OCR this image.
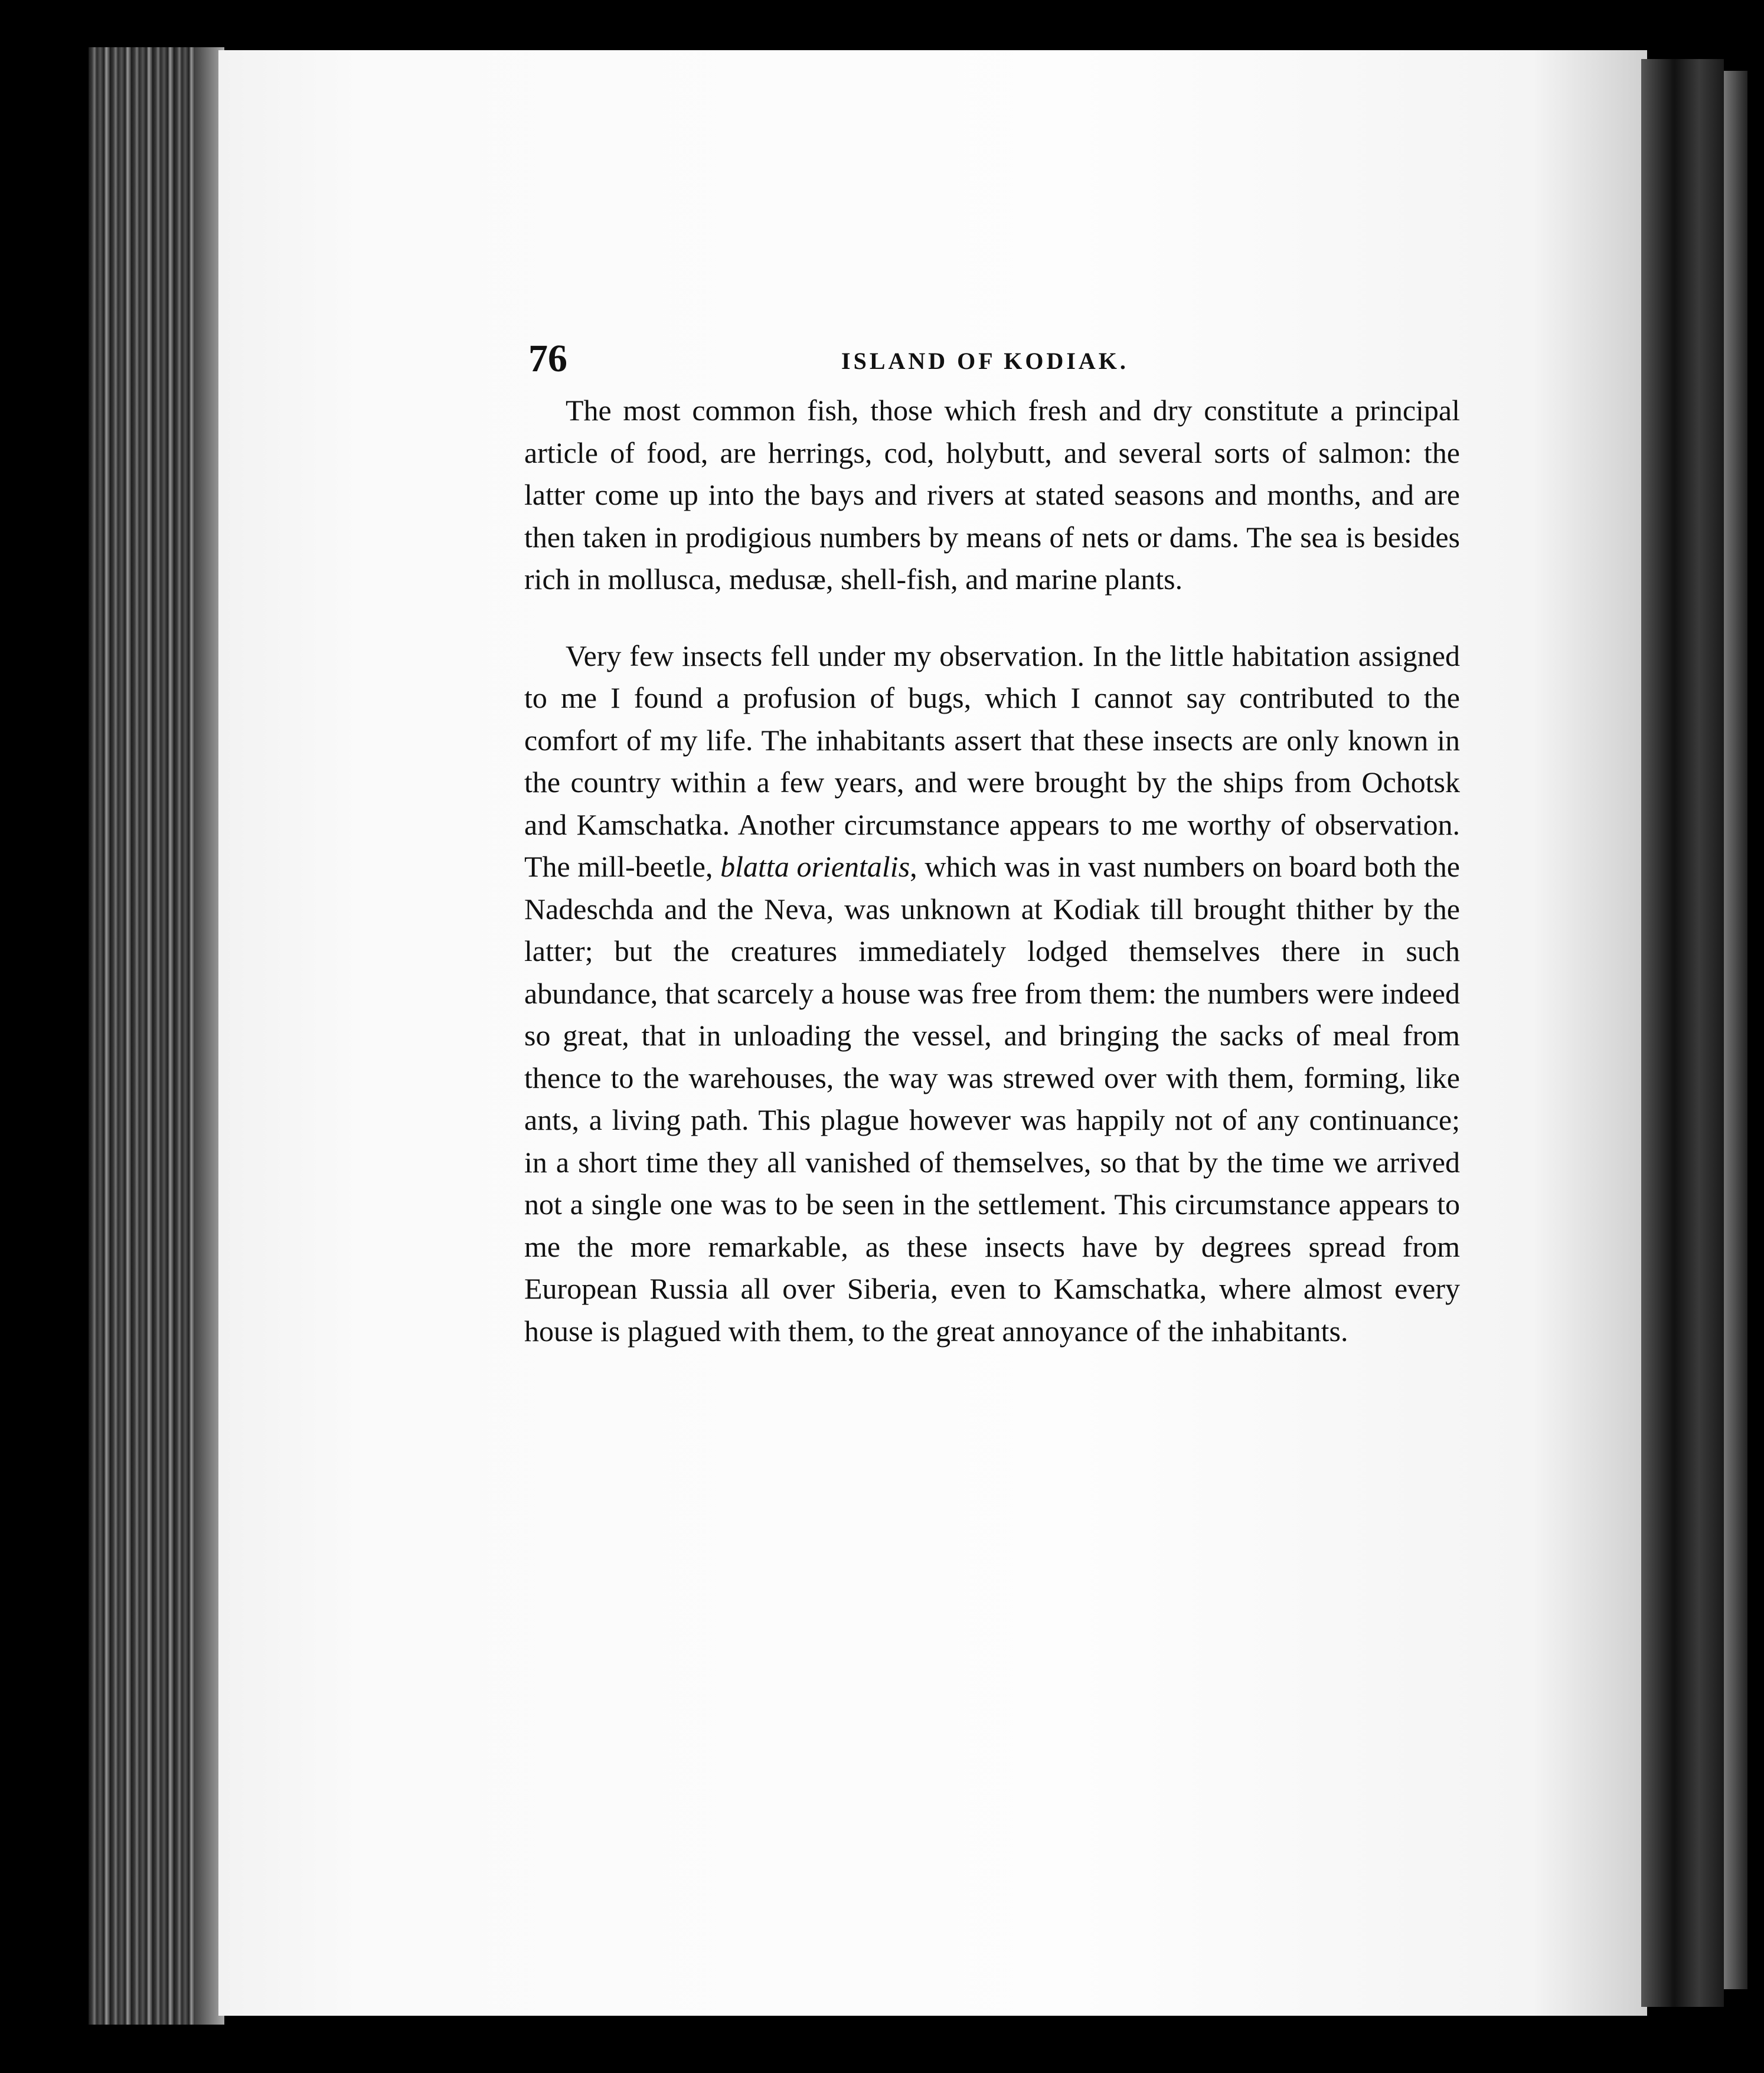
76	ISLAND OF KODIAK.

The most common fish, those which fresh and dry constitute a principal article of food, are herrings, cod, holybutt, and several sorts of salmon: the latter come up into the bays and rivers at stated seasons and months, and are then taken in prodigious numbers by means of nets or dams. The sea is besides rich in mollusca, medusæ, shell-fish, and marine plants.

Very few insects fell under my observation. In the little habitation assigned to me I found a profusion of bugs, which I cannot say contributed to the comfort of my life. The inhabitants assert that these insects are only known in the country within a few years, and were brought by the ships from Ochotsk and Kamschatka. Another circumstance appears to me worthy of observation. The mill-beetle, blatta orientalis, which was in vast numbers on board both the Nadeschda and the Neva, was unknown at Kodiak till brought thither by the latter; but the creatures immediately lodged themselves there in such abundance, that scarcely a house was free from them: the numbers were indeed so great, that in unloading the vessel, and bringing the sacks of meal from thence to the warehouses, the way was strewed over with them, forming, like ants, a living path. This plague however was happily not of any continuance; in a short time they all vanished of themselves, so that by the time we arrived not a single one was to be seen in the settlement. This circumstance appears to me the more remarkable, as these insects have by degrees spread from European Russia all over Siberia, even to Kamschatka, where almost every house is plagued with them, to the great annoyance of the inhabitants.
